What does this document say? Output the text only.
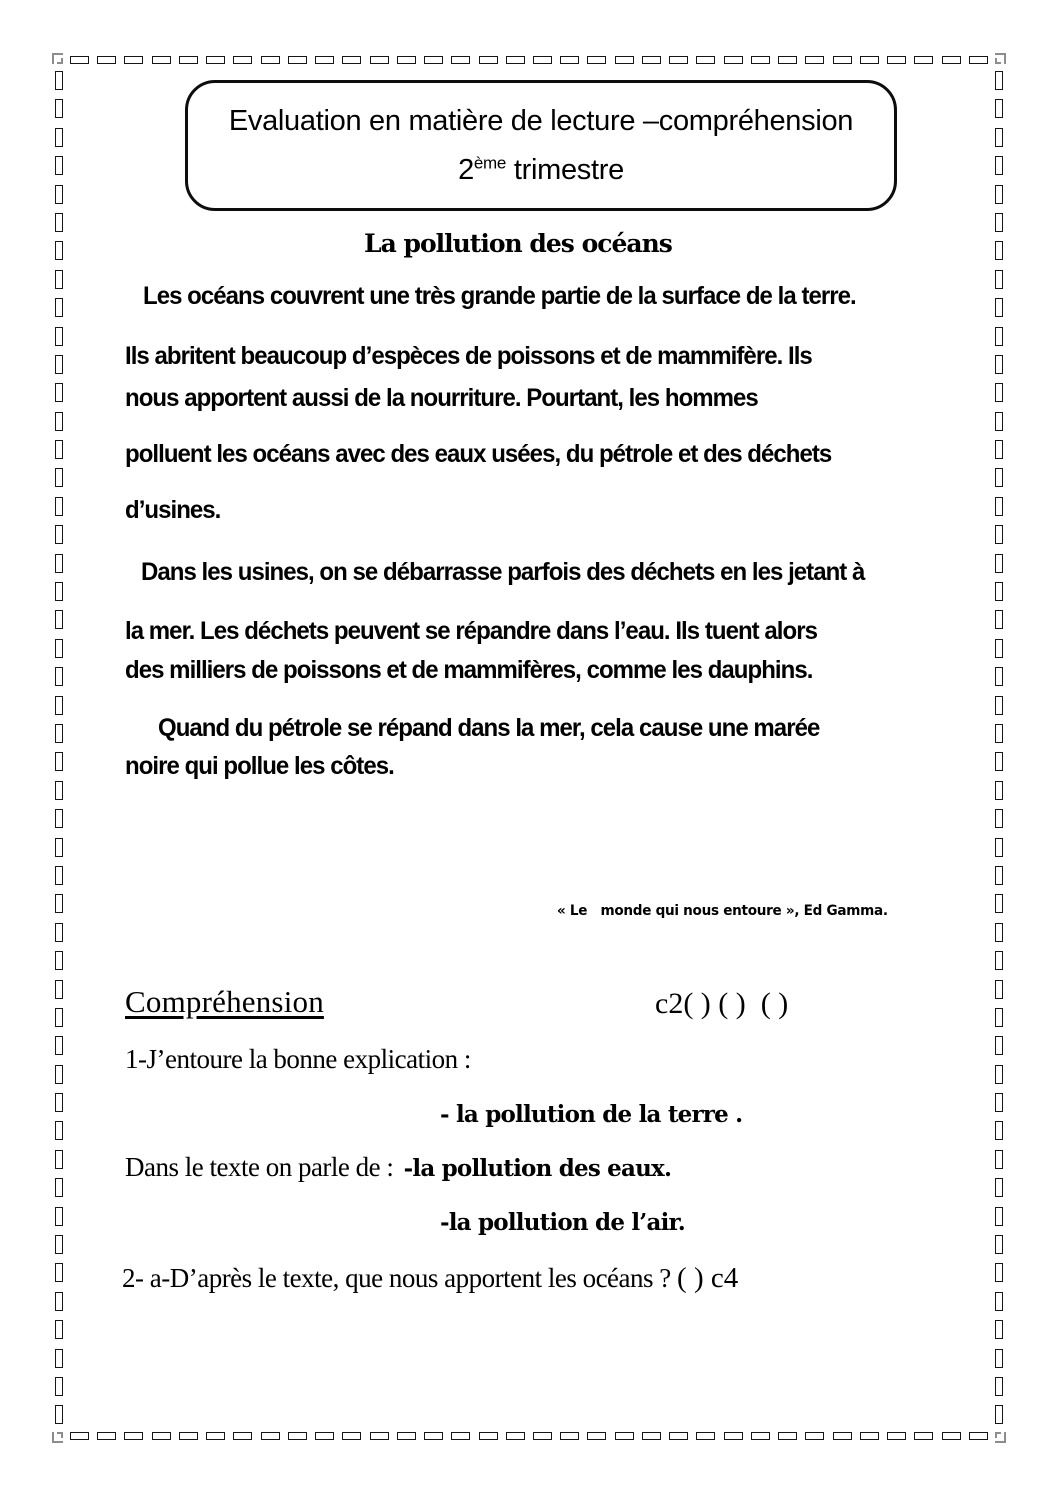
Evaluation en matière de lecture –compréhension
2ème trimestre
La pollution des océans
Les océans couvrent une très grande partie de la surface de la terre.
Ils abritent beaucoup d’espèces de poissons et de mammifère. Ils
nous apportent aussi de la nourriture. Pourtant, les hommes
polluent les océans avec des eaux usées, du pétrole et des déchets
d’usines.
Dans les usines, on se débarrasse parfois des déchets en les jetant à
la mer. Les déchets peuvent se répandre dans l’eau. Ils tuent alors
des milliers de poissons et de mammifères, comme les dauphins.
Quand du pétrole se répand dans la mer, cela cause une marée
noire qui pollue les côtes.
« Le   monde qui nous entoure », Ed Gamma.
Compréhension	c2( ) ( )  ( )
1-J’entoure la bonne explication :
- la pollution de la terre .
Dans le texte on parle de : -la pollution des eaux.
-la pollution de l’air.
2- a-D’après le texte, que nous apportent les océans ? ( ) c4
